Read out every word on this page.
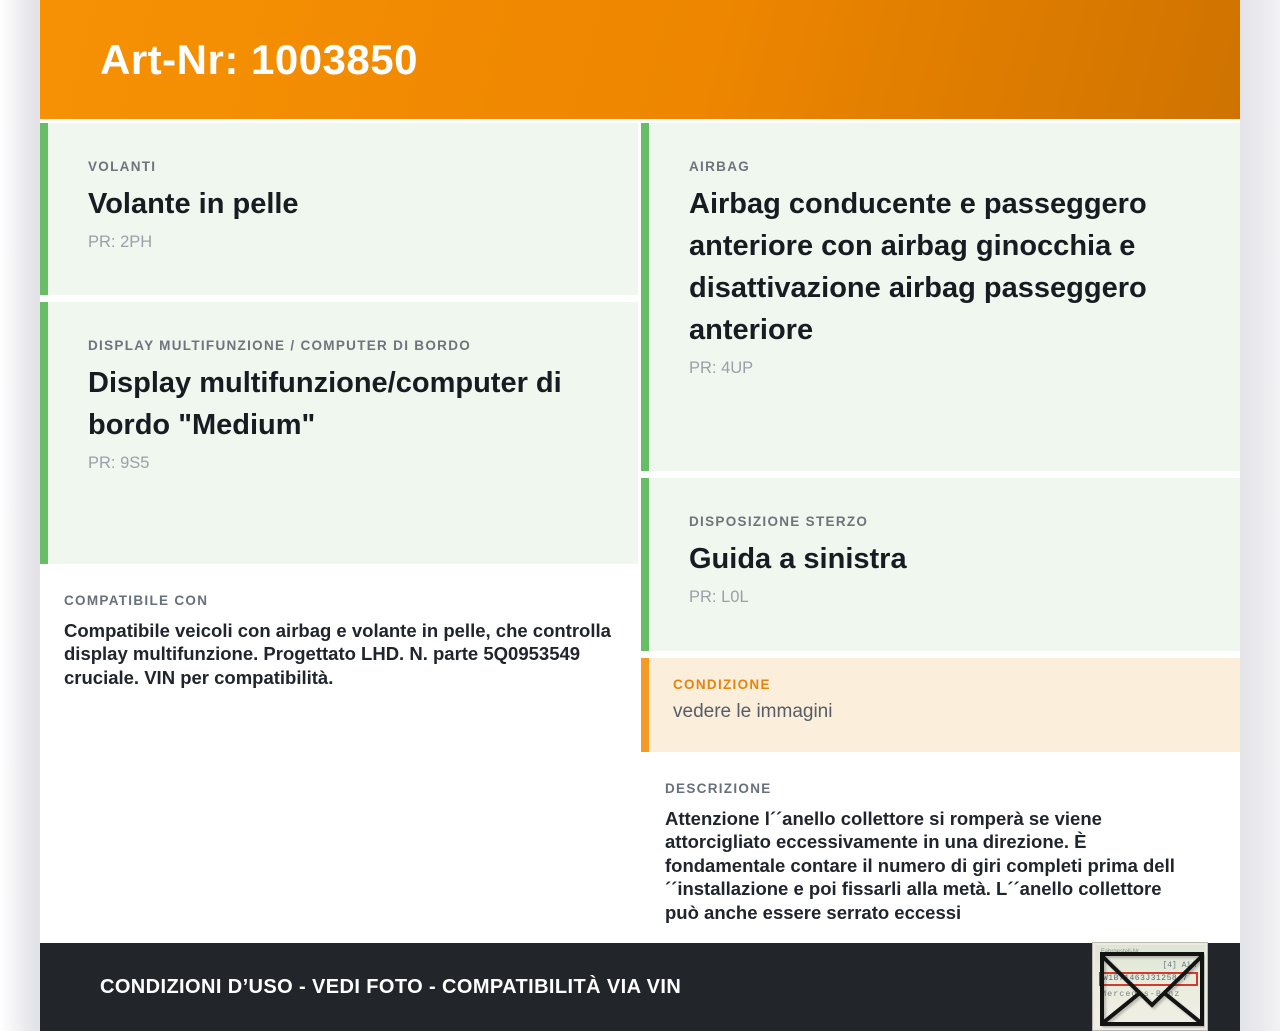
Art-Nr: 1003850
VOLANTI
Volante in pelle
PR: 2PH
DISPLAY MULTIFUNZIONE / COMPUTER DI BORDO
Display multifunzione/computer di bordo "Medium"
PR: 9S5
COMPATIBILE CON
Compatibile veicoli con airbag e volante in pelle, che controlla display multifunzione. Progettato LHD. N. parte 5Q0953549 cruciale. VIN per compatibilità.
AIRBAG
Airbag conducente e passeggero anteriore con airbag ginocchia e disattivazione airbag passeggero anteriore
PR: 4UP
DISPOSIZIONE STERZO
Guida a sinistra
PR: L0L
CONDIZIONE
vedere le immagini
DESCRIZIONE
Attenzione l´´anello collettore si romperà se viene attorcigliato eccessivamente in una direzione. È fondamentale contare il numero di giri completi prima dell´´installazione e poi fissarli alla metà. L´´anello collettore può anche essere serrato eccessi
CONDIZIONI D’USO - VEDI FOTO - COMPATIBILITÀ VIA VIN
Fahrgestell-Nr.
[4] AiA
W1B71463J31258 7
Mercedes-Benz
